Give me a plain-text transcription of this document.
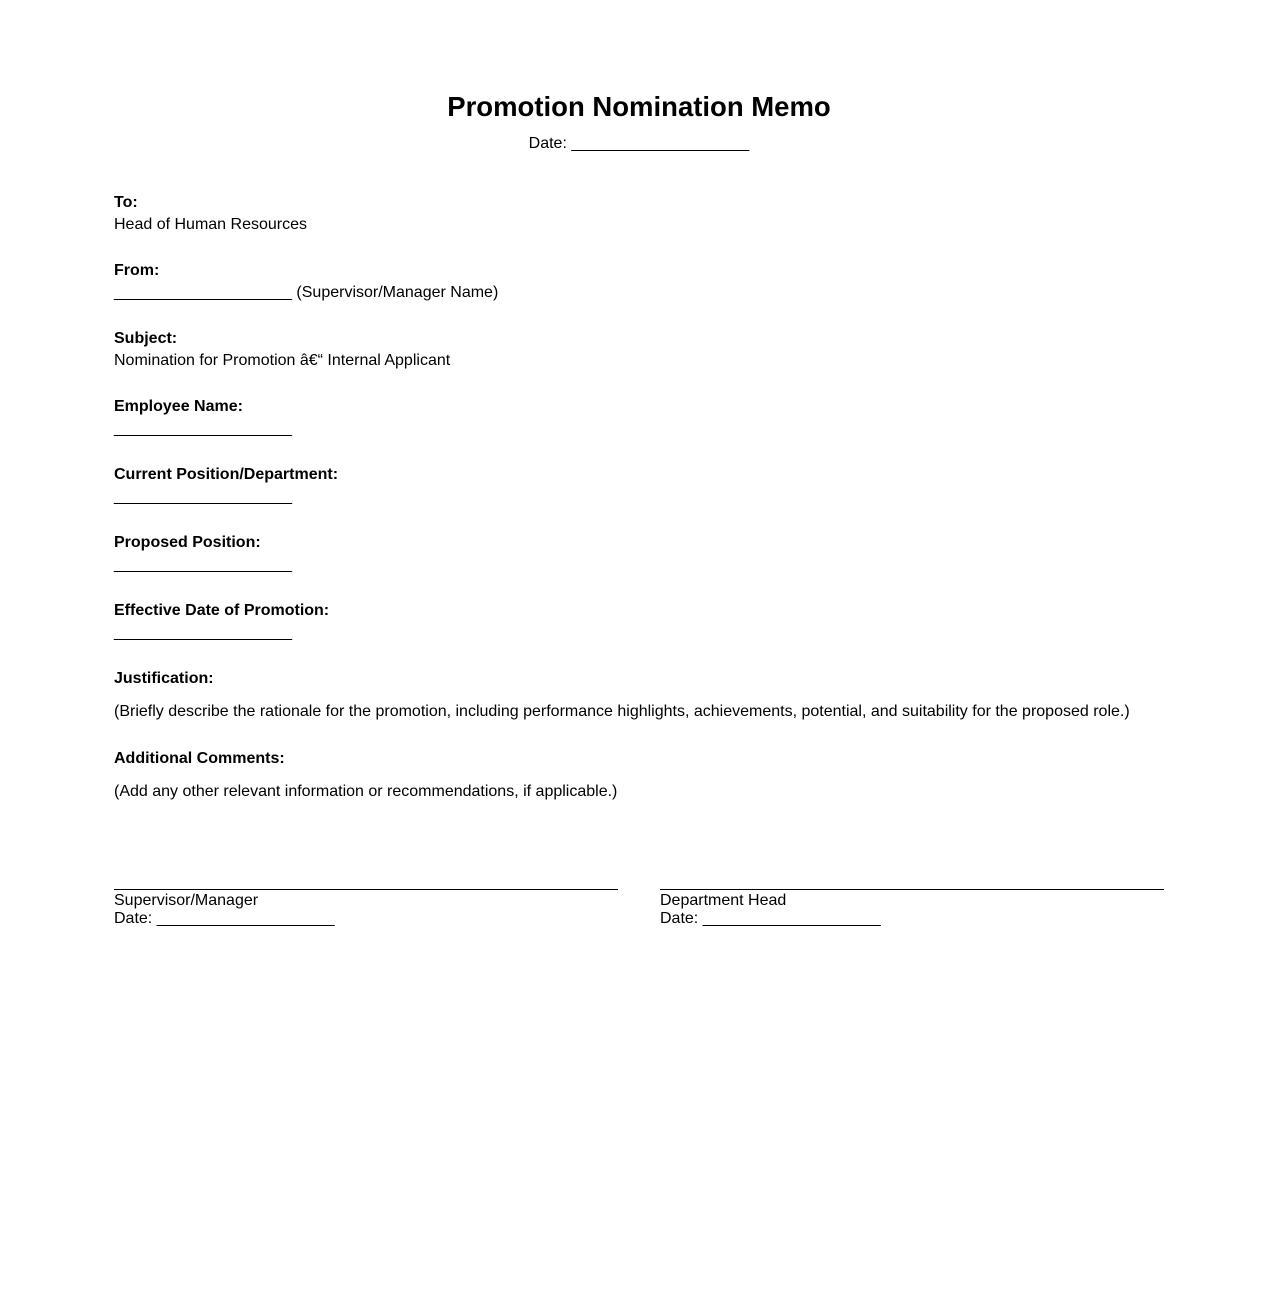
Promotion Nomination Memo
Date: ____________________
To:
Head of Human Resources
From:
____________________ (Supervisor/Manager Name)
Subject:
Nomination for Promotion â€“ Internal Applicant
Employee Name:
____________________
Current Position/Department:
____________________
Proposed Position:
____________________
Effective Date of Promotion:
____________________
Justification:
(Briefly describe the rationale for the promotion, including performance highlights, achievements, potential, and suitability for the proposed role.)
Additional Comments:
(Add any other relevant information or recommendations, if applicable.)
Supervisor/Manager
Date: ____________________
Department Head
Date: ____________________
